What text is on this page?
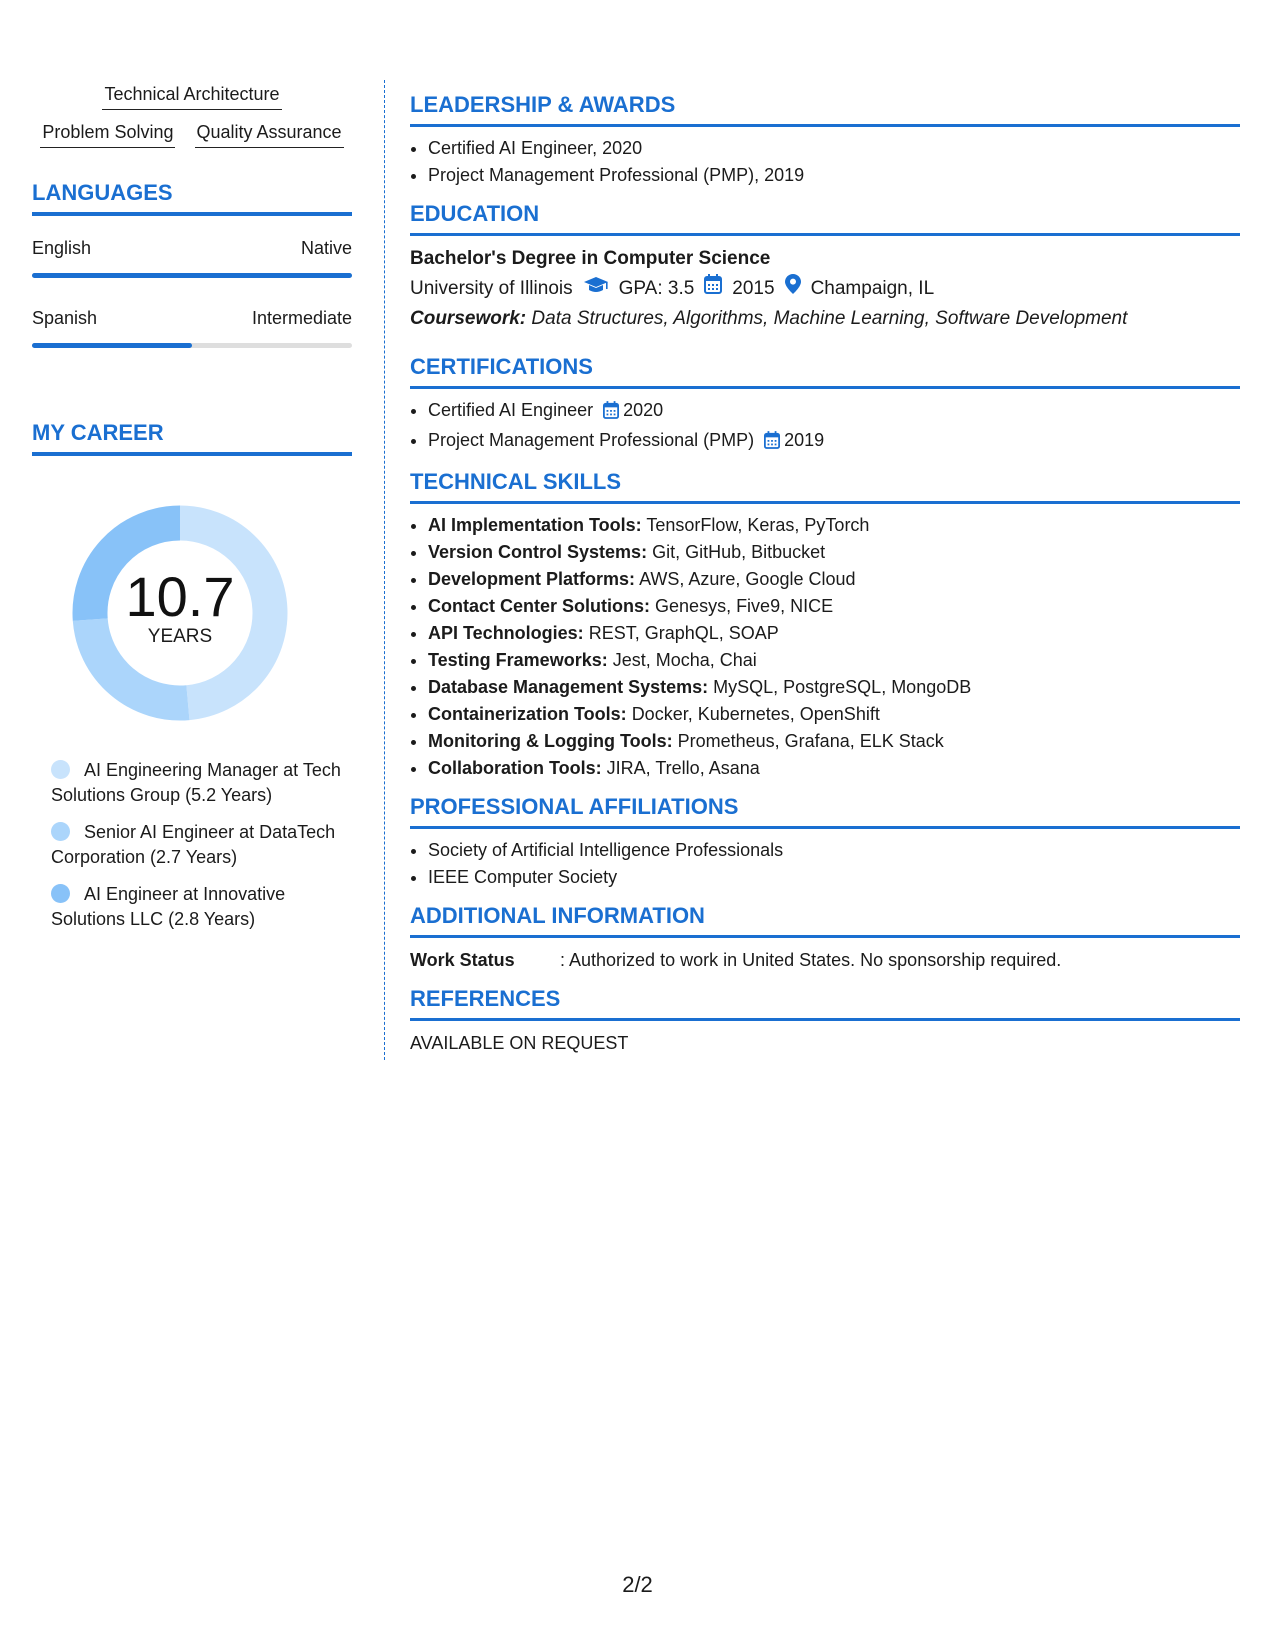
Technical Architecture
Problem Solving Quality Assurance
LANGUAGES
English	Native
Spanish	Intermediate
MY CAREER
10.7
YEARS
AI Engineering Manager at Tech Solutions Group (5.2 Years)
Senior AI Engineer at DataTech Corporation (2.7 Years)
AI Engineer at Innovative Solutions LLC (2.8 Years)
LEADERSHIP & AWARDS
• Certified AI Engineer, 2020
• Project Management Professional (PMP), 2019
EDUCATION
Bachelor's Degree in Computer Science
University of Illinois GPA: 3.5 2015 Champaign, IL
Coursework: Data Structures, Algorithms, Machine Learning, Software Development
CERTIFICATIONS
• Certified AI Engineer 2020
• Project Management Professional (PMP) 2019
TECHNICAL SKILLS
• AI Implementation Tools: TensorFlow, Keras, PyTorch
• Version Control Systems: Git, GitHub, Bitbucket
• Development Platforms: AWS, Azure, Google Cloud
• Contact Center Solutions: Genesys, Five9, NICE
• API Technologies: REST, GraphQL, SOAP
• Testing Frameworks: Jest, Mocha, Chai
• Database Management Systems: MySQL, PostgreSQL, MongoDB
• Containerization Tools: Docker, Kubernetes, OpenShift
• Monitoring & Logging Tools: Prometheus, Grafana, ELK Stack
• Collaboration Tools: JIRA, Trello, Asana
PROFESSIONAL AFFILIATIONS
• Society of Artificial Intelligence Professionals
• IEEE Computer Society
ADDITIONAL INFORMATION
Work Status	: Authorized to work in United States. No sponsorship required.
REFERENCES
AVAILABLE ON REQUEST
2/2
